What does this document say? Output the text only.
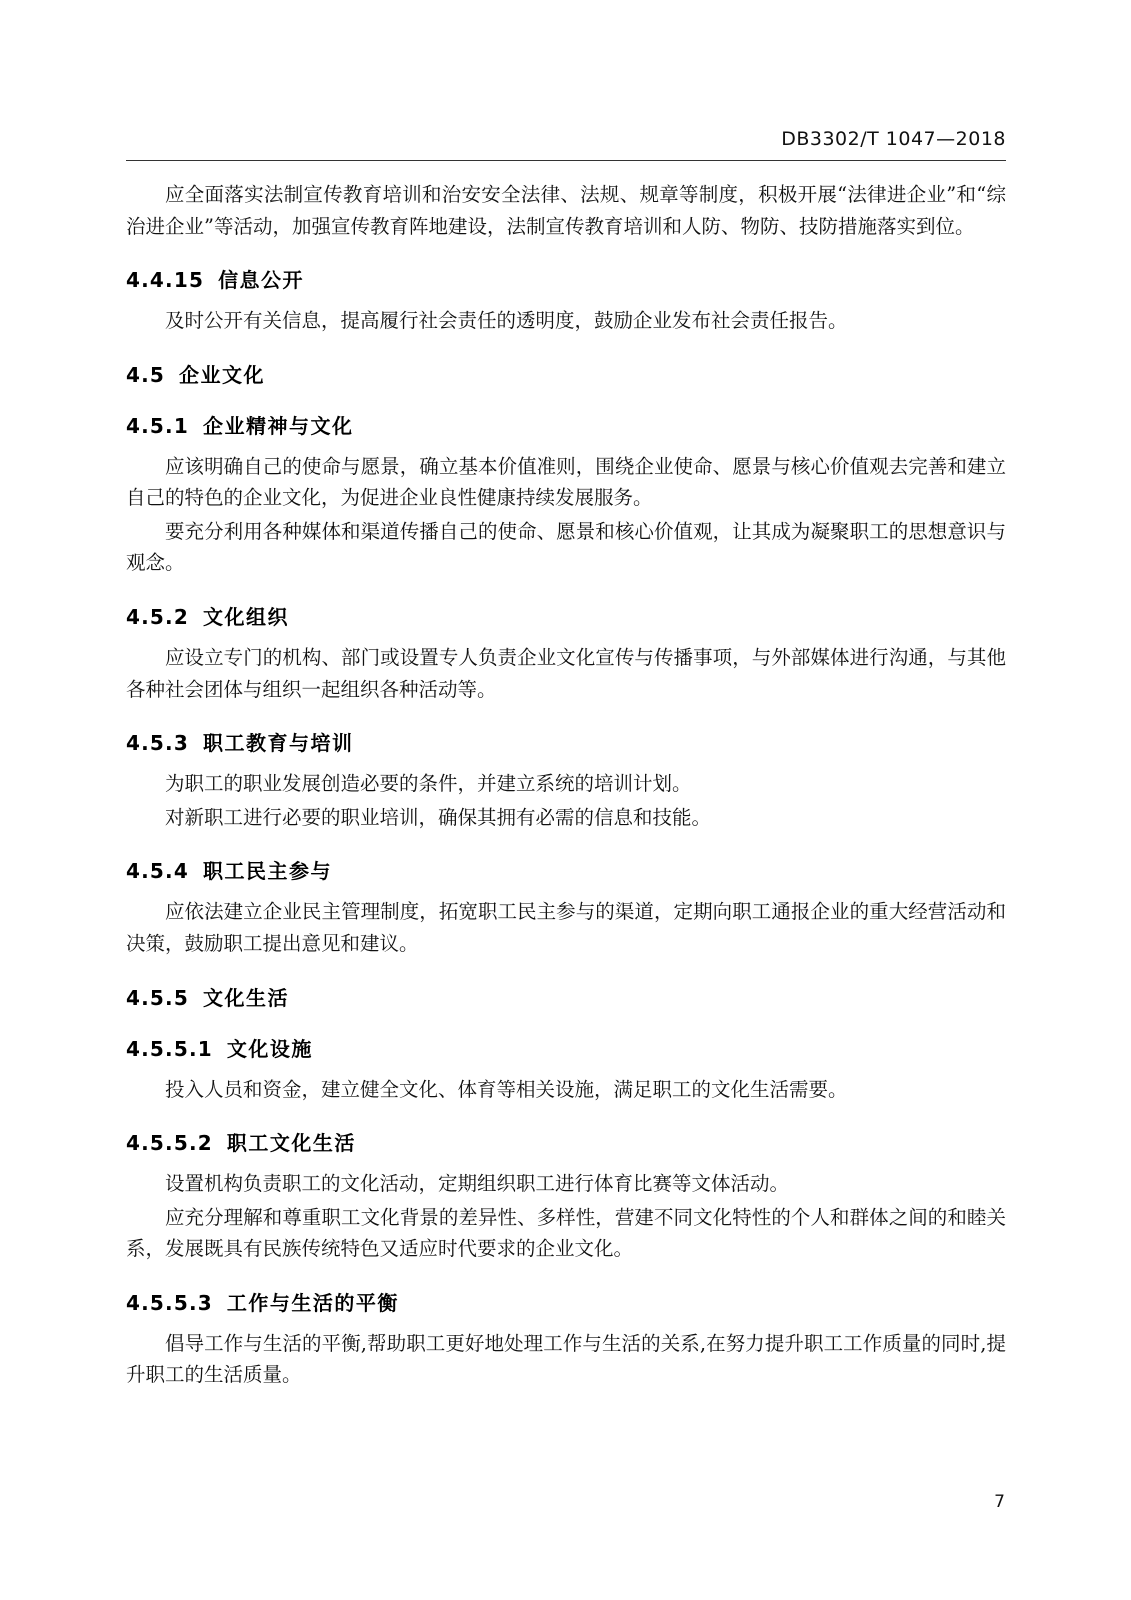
DB3302/T 1047—2018

应全面落实法制宣传教育培训和治安安全法律、法规、规章等制度，积极开展“法律进企业”和“综治进企业”等活动，加强宣传教育阵地建设，法制宣传教育培训和人防、物防、技防措施落实到位。

4.4.15 信息公开

及时公开有关信息，提高履行社会责任的透明度，鼓励企业发布社会责任报告。

4.5 企业文化
4.5.1 企业精神与文化

应该明确自己的使命与愿景，确立基本价值准则，围绕企业使命、愿景与核心价值观去完善和建立自己的特色的企业文化，为促进企业良性健康持续发展服务。

要充分利用各种媒体和渠道传播自己的使命、愿景和核心价值观，让其成为凝聚职工的思想意识与观念。

4.5.2 文化组织

应设立专门的机构、部门或设置专人负责企业文化宣传与传播事项，与外部媒体进行沟通，与其他各种社会团体与组织一起组织各种活动等。

4.5.3 职工教育与培训

为职工的职业发展创造必要的条件，并建立系统的培训计划。

对新职工进行必要的职业培训，确保其拥有必需的信息和技能。

4.5.4 职工民主参与

应依法建立企业民主管理制度，拓宽职工民主参与的渠道，定期向职工通报企业的重大经营活动和决策，鼓励职工提出意见和建议。

4.5.5 文化生活
4.5.5.1 文化设施

投入人员和资金，建立健全文化、体育等相关设施，满足职工的文化生活需要。

4.5.5.2 职工文化生活

设置机构负责职工的文化活动，定期组织职工进行体育比赛等文体活动。

应充分理解和尊重职工文化背景的差异性、多样性，营建不同文化特性的个人和群体之间的和睦关系，发展既具有民族传统特色又适应时代要求的企业文化。

4.5.5.3 工作与生活的平衡

倡导工作与生活的平衡,帮助职工更好地处理工作与生活的关系,在努力提升职工工作质量的同时,提升职工的生活质量。

7
